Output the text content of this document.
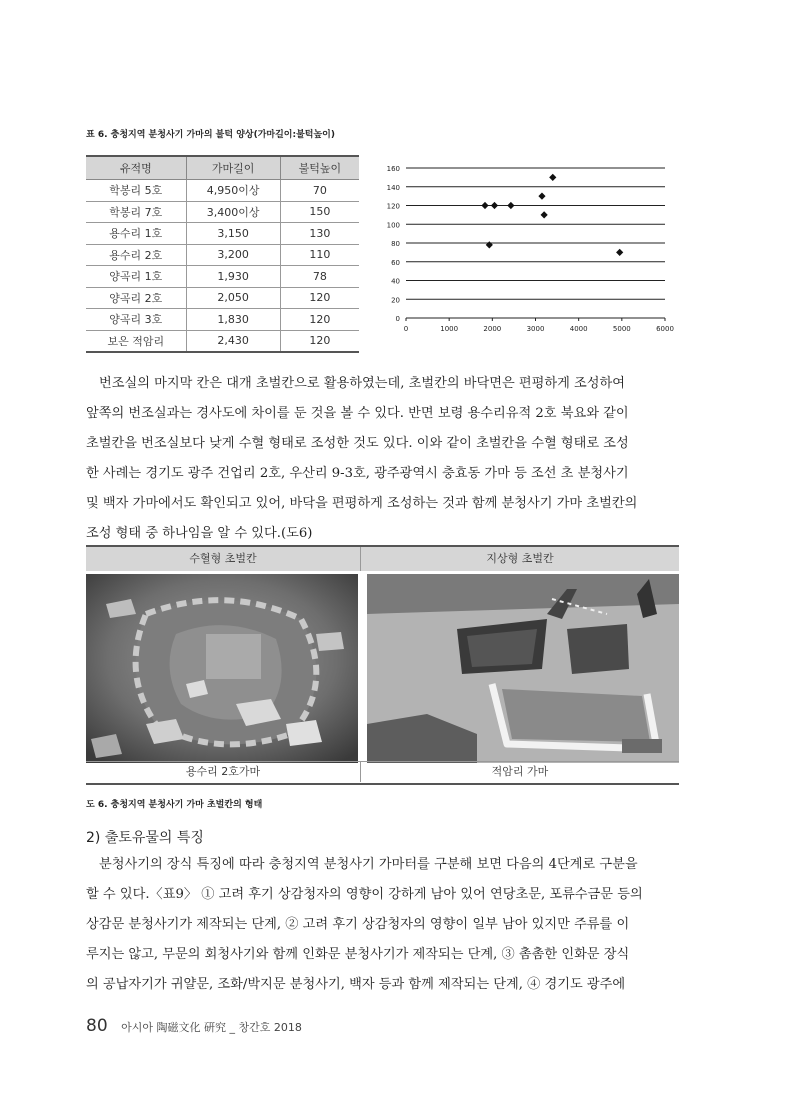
표 6. 충청지역 분청사기 가마의 불턱 양상(가마길이:불턱높이)
유적명	가마길이	불턱높이
학봉리 5호	4,950이상	70
학봉리 7호	3,400이상	150
용수리 1호	3,150	130
용수리 2호	3,200	110
양곡리 1호	1,930	78
양곡리 2호	2,050	120
양곡리 3호	1,830	120
보은 적암리	2,430	120
0
20
40
60
80
100
120
140
160
0	1000	2000	3000	4000	5000	6000
번조실의 마지막 칸은 대개 초벌칸으로 활용하였는데, 초벌칸의 바닥면은 편평하게 조성하여
앞쪽의 번조실과는 경사도에 차이를 둔 것을 볼 수 있다. 반면 보령 용수리유적 2호 북요와 같이
초벌칸을 번조실보다 낮게 수혈 형태로 조성한 것도 있다. 이와 같이 초벌칸을 수혈 형태로 조성
한 사례는 경기도 광주 건업리 2호, 우산리 9-3호, 광주광역시 충효동 가마 등 조선 초 분청사기
및 백자 가마에서도 확인되고 있어, 바닥을 편평하게 조성하는 것과 함께 분청사기 가마 초벌칸의
조성 형태 중 하나임을 알 수 있다.(도6)
수혈형 초벌칸	지상형 초벌칸
용수리 2호가마	적암리 가마
도 6. 충청지역 분청사기 가마 초벌칸의 형태
2) 출토유물의 특징
분청사기의 장식 특징에 따라 충청지역 분청사기 가마터를 구분해 보면 다음의 4단계로 구분을
할 수 있다.〈표9〉 ① 고려 후기 상감청자의 영향이 강하게 남아 있어 연당초문, 포류수금문 등의
상감문 분청사기가 제작되는 단계, ② 고려 후기 상감청자의 영향이 일부 남아 있지만 주류를 이
루지는 않고, 무문의 회청사기와 함께 인화문 분청사기가 제작되는 단계, ③ 촘촘한 인화문 장식
의 공납자기가 귀얄문, 조화/박지문 분청사기, 백자 등과 함께 제작되는 단계, ④ 경기도 광주에
80 아시아 陶磁文化 硏究 _ 창간호 2018
